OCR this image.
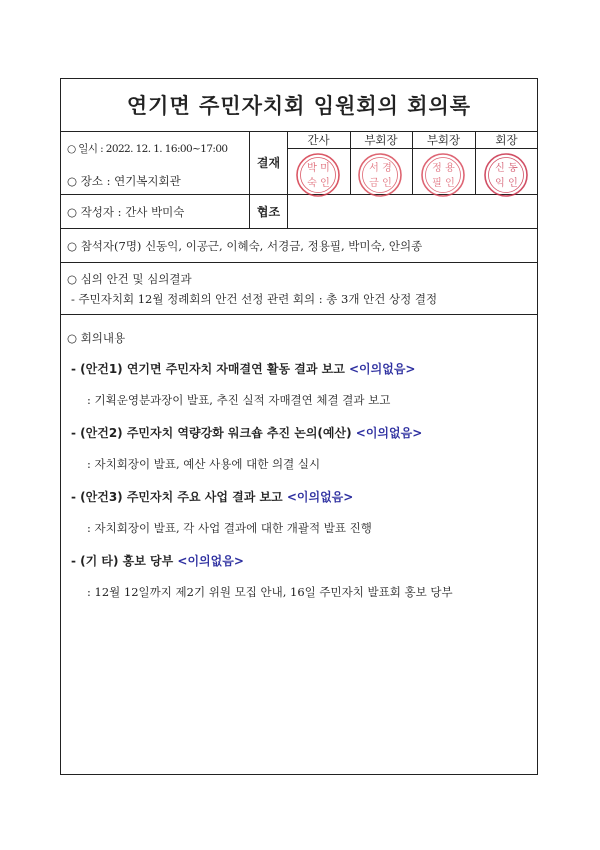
연기면 주민자치회 임원회의 회의록
○ 일시 : 2022. 12. 1. 16:00~17:00
○ 장소 : 연기복지회관
○ 작성자 : 간사 박미숙
결재
협조
간사	부회장	부회장	회장
박 미
숙 인
서 경
금 인
정 용
필 인
신 동
익 인
○ 참석자(7명) 신동익, 이공근, 이혜숙, 서경금, 정용필, 박미숙, 안의종
○ 심의 안건 및 심의결과
- 주민자치회 12월 정례회의 안건 선정 관련 회의 : 총 3개 안건 상정 결정
○ 회의내용
- (안건1) 연기면 주민자치 자매결연 활동 결과 보고 <이의없음>
: 기획운영분과장이 발표, 추진 실적 자매결연 체결 결과 보고
- (안건2) 주민자치 역량강화 워크숍 추진 논의(예산) <이의없음>
: 자치회장이 발표, 예산 사용에 대한 의결 실시
- (안건3) 주민자치 주요 사업 결과 보고 <이의없음>
: 자치회장이 발표, 각 사업 결과에 대한 개괄적 발표 진행
- (기 타) 홍보 당부 <이의없음>
: 12월 12일까지 제2기 위원 모집 안내, 16일 주민자치 발표회 홍보 당부
